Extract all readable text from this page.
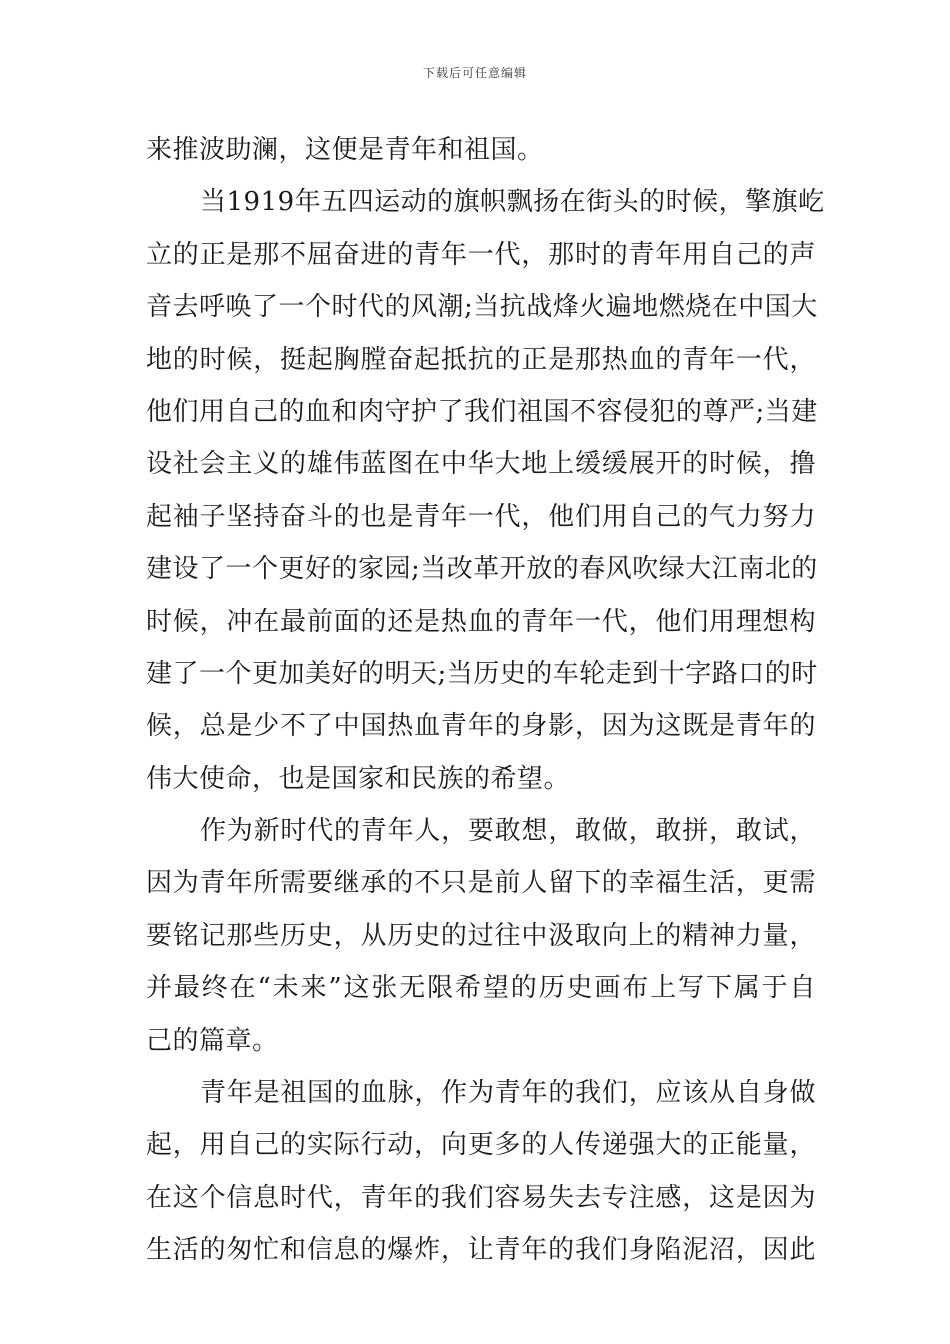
下载后可任意编辑
来推波助澜，这便是青年和祖国。
当1919年五四运动的旗帜飘扬在街头的时候，擎旗屹
立的正是那不屈奋进的青年一代，那时的青年用自己的声
音去呼唤了一个时代的风潮;当抗战烽火遍地燃烧在中国大
地的时候，挺起胸膛奋起抵抗的正是那热血的青年一代，
他们用自己的血和肉守护了我们祖国不容侵犯的尊严;当建
设社会主义的雄伟蓝图在中华大地上缓缓展开的时候，撸
起袖子坚持奋斗的也是青年一代，他们用自己的气力努力
建设了一个更好的家园;当改革开放的春风吹绿大江南北的
时候，冲在最前面的还是热血的青年一代，他们用理想构
建了一个更加美好的明天;当历史的车轮走到十字路口的时
候，总是少不了中国热血青年的身影，因为这既是青年的
伟大使命，也是国家和民族的希望。
作为新时代的青年人，要敢想，敢做，敢拼，敢试，
因为青年所需要继承的不只是前人留下的幸福生活，更需
要铭记那些历史，从历史的过往中汲取向上的精神力量，
并最终在“未来”这张无限希望的历史画布上写下属于自
己的篇章。
青年是祖国的血脉，作为青年的我们，应该从自身做
起，用自己的实际行动，向更多的人传递强大的正能量，
在这个信息时代，青年的我们容易失去专注感，这是因为
生活的匆忙和信息的爆炸，让青年的我们身陷泥沼，因此
